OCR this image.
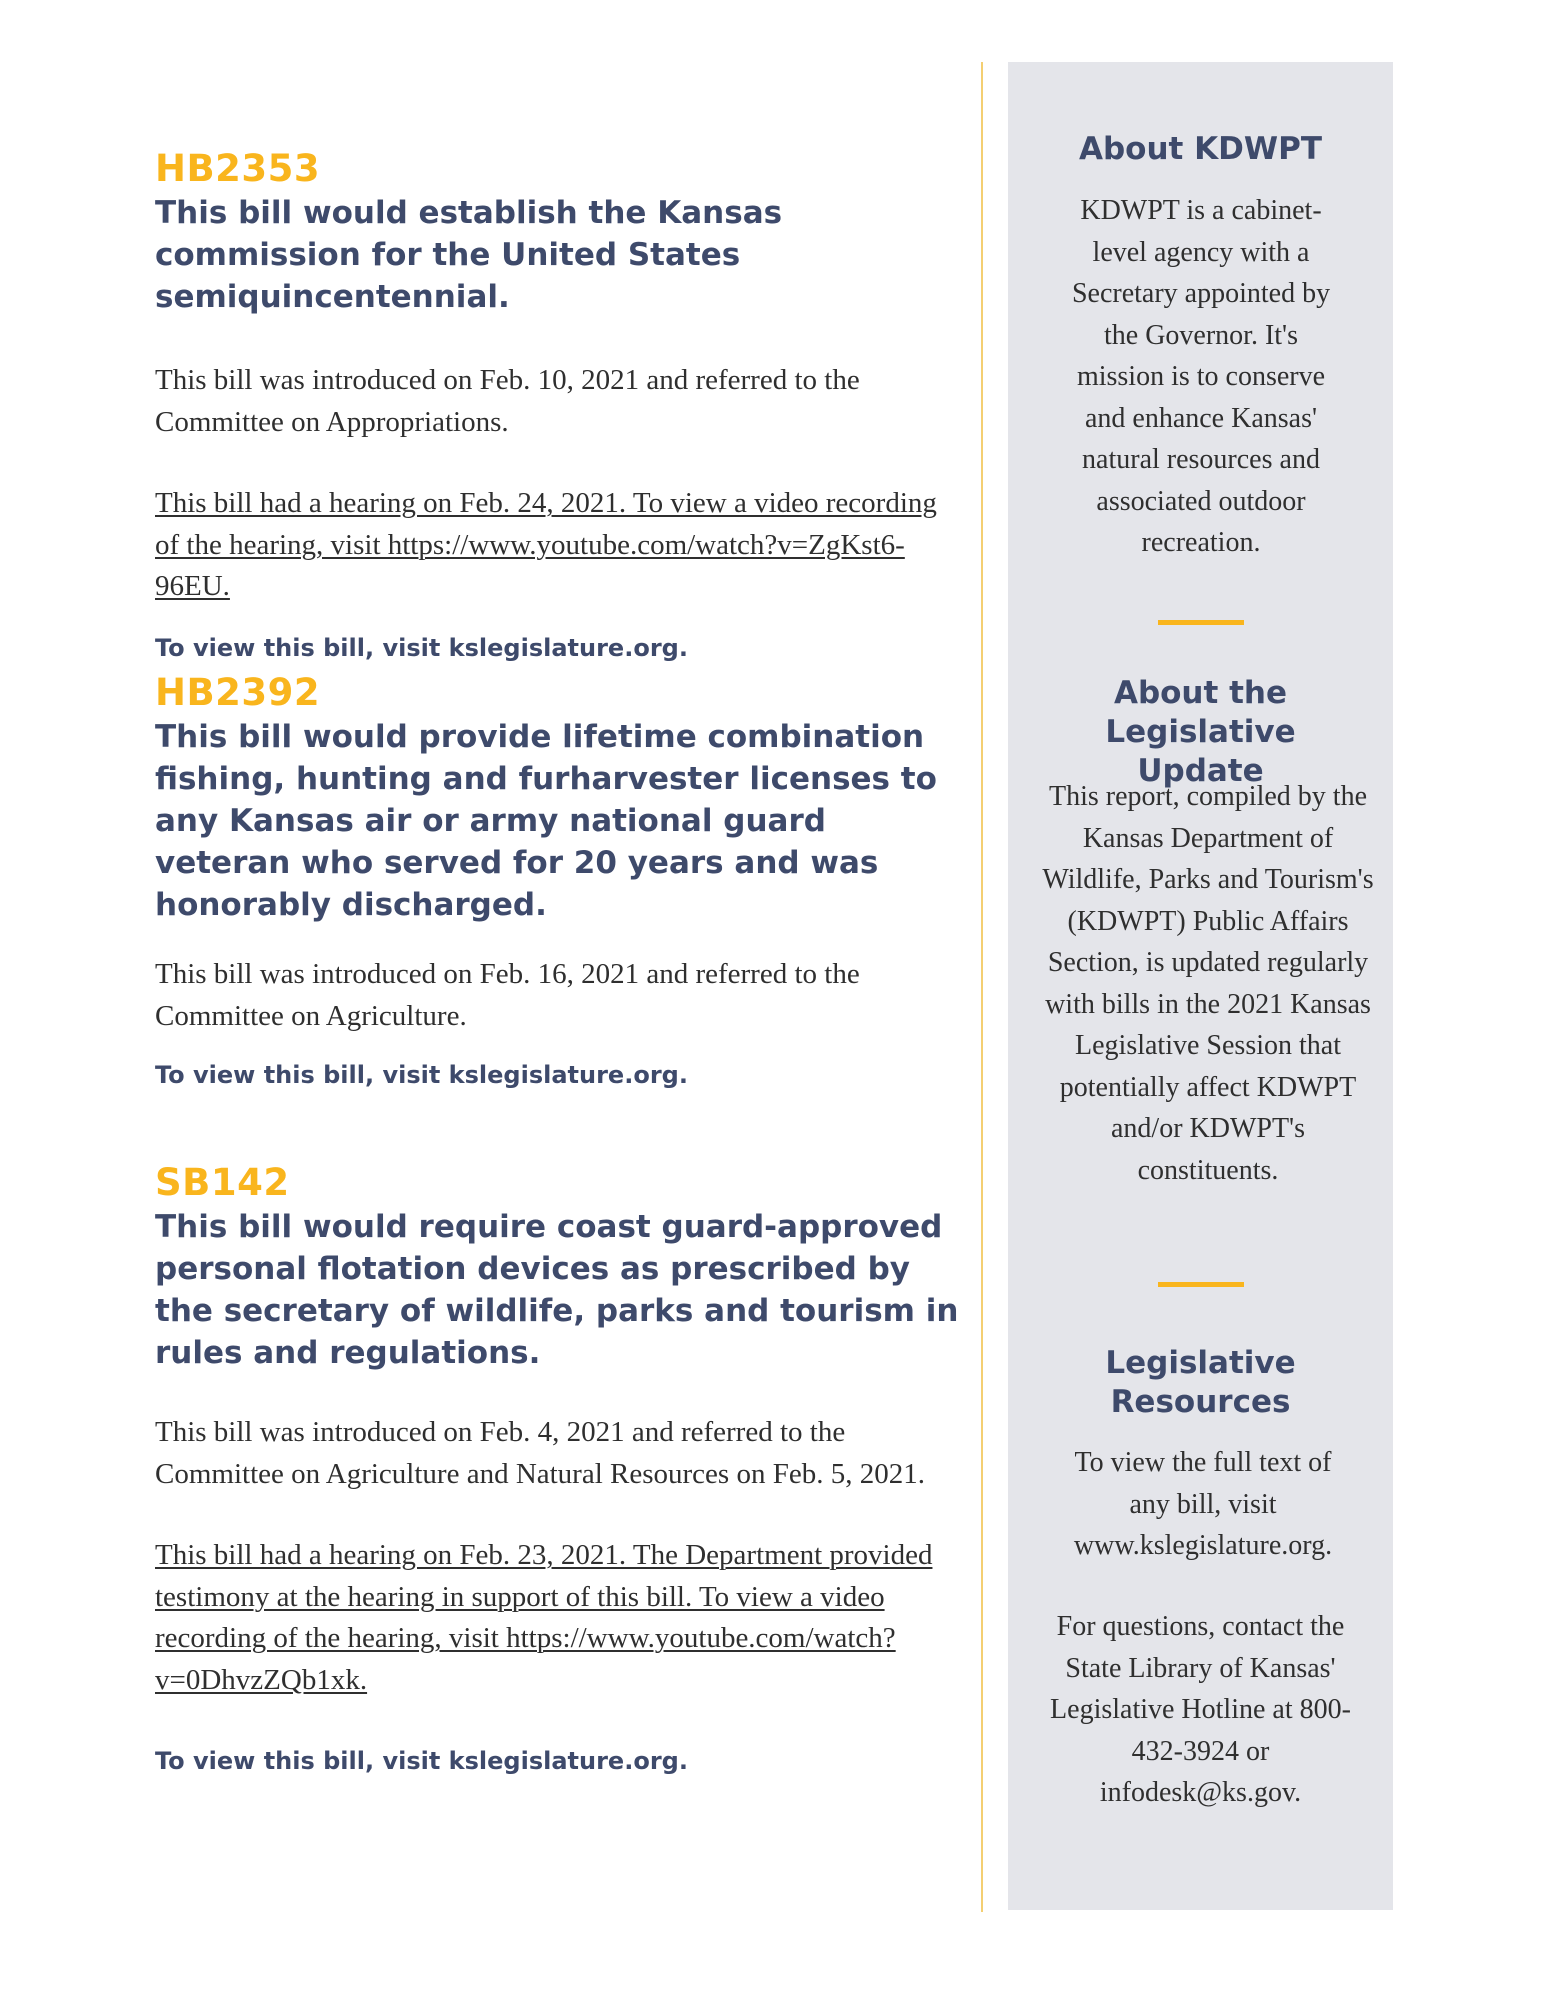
HB2353
This bill would establish the Kansas commission for the United States semiquincentennial.

This bill was introduced on Feb. 10, 2021 and referred to the Committee on Appropriations.

This bill had a hearing on Feb. 24, 2021. To view a video recording of the hearing, visit https://www.youtube.com/watch?v=ZgKst6-96EU.

To view this bill, visit kslegislature.org.
HB2392
This bill would provide lifetime combination fishing, hunting and furharvester licenses to any Kansas air or army national guard veteran who served for 20 years and was honorably discharged.

This bill was introduced on Feb. 16, 2021 and referred to the Committee on Agriculture.

To view this bill, visit kslegislature.org.
SB142
This bill would require coast guard-approved personal flotation devices as prescribed by the secretary of wildlife, parks and tourism in rules and regulations.

This bill was introduced on Feb. 4, 2021 and referred to the Committee on Agriculture and Natural Resources on Feb. 5, 2021.

This bill had a hearing on Feb. 23, 2021. The Department provided testimony at the hearing in support of this bill. To view a video recording of the hearing, visit https://www.youtube.com/watch?v=0DhvzZQb1xk.

To view this bill, visit kslegislature.org.
About KDWPT
KDWPT is a cabinet-level agency with a Secretary appointed by the Governor. It's mission is to conserve and enhance Kansas' natural resources and associated outdoor recreation.
About the Legislative Update
This report, compiled by the Kansas Department of Wildlife, Parks and Tourism's (KDWPT) Public Affairs Section, is updated regularly with bills in the 2021 Kansas Legislative Session that potentially affect KDWPT and/or KDWPT's constituents.
Legislative Resources
To view the full text of any bill, visit www.kslegislature.org.
For questions, contact the State Library of Kansas' Legislative Hotline at 800-432-3924 or infodesk@ks.gov.
